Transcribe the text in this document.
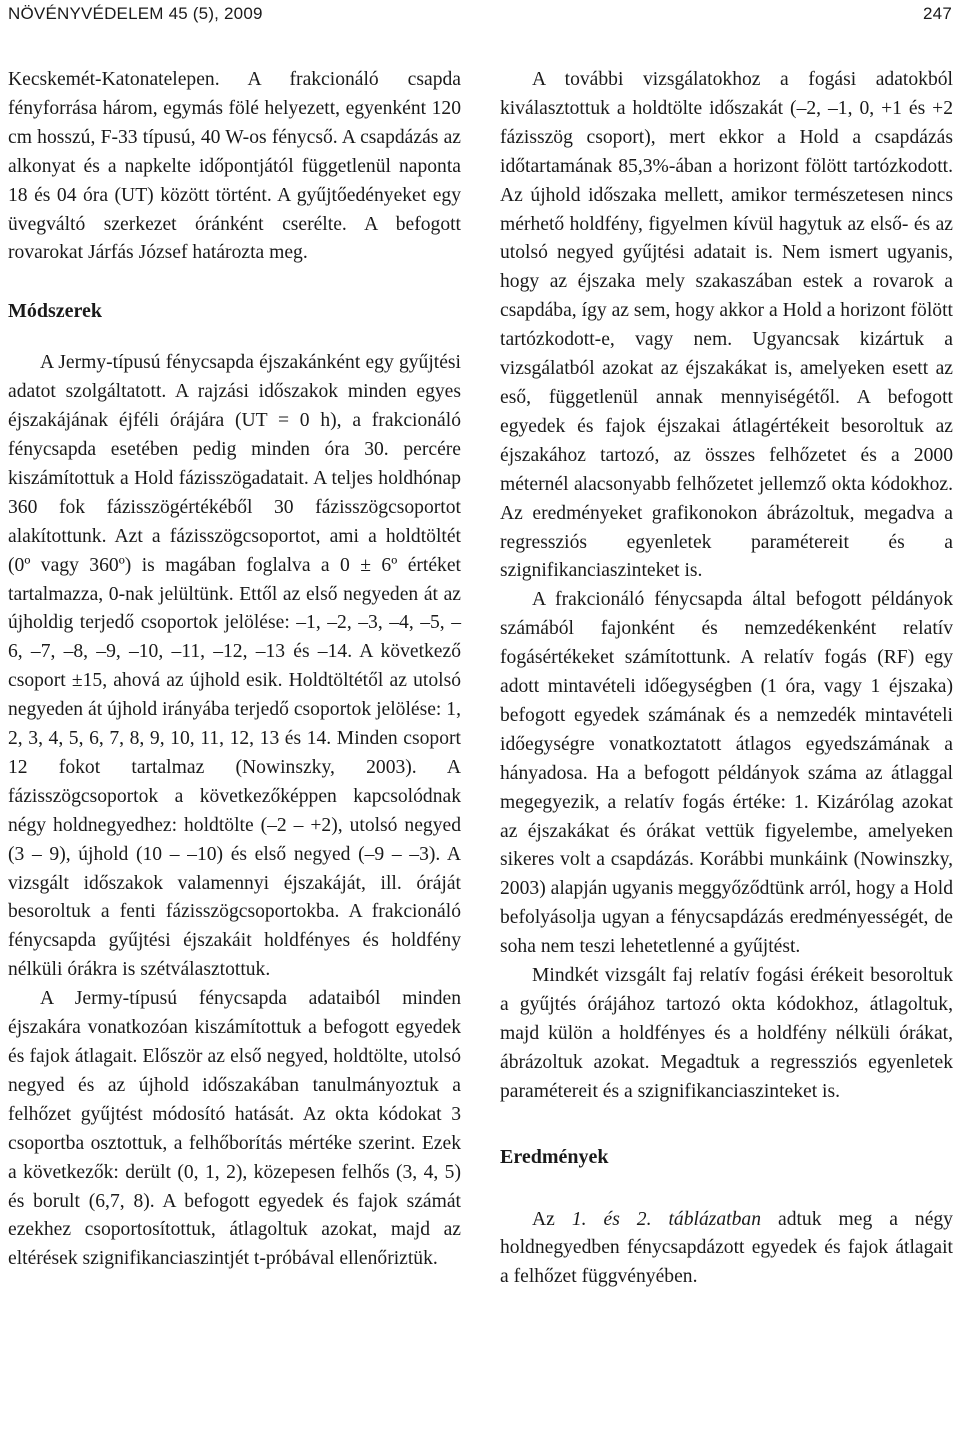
NÖVÉNYVÉDELEM 45 (5), 2009	247

Kecskemét-Katonatelepen. A frakcionáló csapda fényforrása három, egymás fölé helyezett, egyenként 120 cm hosszú, F-33 típusú, 40 W-os fénycső. A csapdázás az alkonyat és a napkelte időpontjától függetlenül naponta 18 és 04 óra (UT) között történt. A gyűjtőedényeket egy üvegváltó szerkezet óránként cserélte. A befogott rovarokat Járfás József határozta meg.

Módszerek

A Jermy-típusú fénycsapda éjszakánként egy gyűjtési adatot szolgáltatott. A rajzási időszakok minden egyes éjszakájának éjféli órájára (UT = 0 h), a frakcionáló fénycsapda esetében pedig minden óra 30. percére kiszámítottuk a Hold fázisszögadatait. A teljes holdhónap 360 fok fázisszögértékéből 30 fázisszögcsoportot alakítottunk. Azt a fázisszögcsoportot, ami a holdtöltét (0º vagy 360º) is magában foglalva a 0 ± 6º értéket tartalmazza, 0-nak jelültünk. Ettől az első negyeden át az újholdig terjedő csoportok jelölése: –1, –2, –3, –4, –5, –6, –7, –8, –9, –10, –11, –12, –13 és –14. A következő csoport ±15, ahová az újhold esik. Holdtöltétől az utolsó negyeden át újhold irányába terjedő csoportok jelölése: 1, 2, 3, 4, 5, 6, 7, 8, 9, 10, 11, 12, 13 és 14. Minden csoport 12 fokot tartalmaz (Nowinszky, 2003). A fázisszögcsoportok a következőképpen kapcsolódnak négy holdnegyedhez: holdtölte (–2 – +2), utolsó negyed (3 – 9), újhold (10 – –10) és első negyed (–9 – –3). A vizsgált időszakok valamennyi éjszakáját, ill. óráját besoroltuk a fenti fázisszögcsoportokba. A frakcionáló fénycsapda gyűjtési éjszakáit holdfényes és holdfény nélküli órákra is szétválasztottuk.

A Jermy-típusú fénycsapda adataiból minden éjszakára vonatkozóan kiszámítottuk a befogott egyedek és fajok átlagait. Először az első negyed, holdtölte, utolsó negyed és az újhold időszakában tanulmányoztuk a felhőzet gyűjtést módosító hatását. Az okta kódokat 3 csoportba osztottuk, a felhőborítás mértéke szerint. Ezek a következők: derült (0, 1, 2), közepesen felhős (3, 4, 5) és borult (6,7, 8). A befogott egyedek és fajok számát ezekhez csoportosítottuk, átlagoltuk azokat, majd az eltérések szignifikanciaszintjét t-próbával ellenőriztük.

A további vizsgálatokhoz a fogási adatokból kiválasztottuk a holdtölte időszakát (–2, –1, 0, +1 és +2 fázisszög csoport), mert ekkor a Hold a csapdázás időtartamának 85,3%-ában a horizont fölött tartózkodott. Az újhold időszaka mellett, amikor természetesen nincs mérhető holdfény, figyelmen kívül hagytuk az első- és az utolsó negyed gyűjtési adatait is. Nem ismert ugyanis, hogy az éjszaka mely szakaszában estek a rovarok a csapdába, így az sem, hogy akkor a Hold a horizont fölött tartózkodott-e, vagy nem. Ugyancsak kizártuk a vizsgálatból azokat az éjszakákat is, amelyeken esett az eső, függetlenül annak mennyiségétől. A befogott egyedek és fajok éjszakai átlagértékeit besoroltuk az éjszakához tartozó, az összes felhőzetet és a 2000 méternél alacsonyabb felhőzetet jellemző okta kódokhoz. Az eredményeket grafikonokon ábrázoltuk, megadva a regressziós egyenletek paramétereit és a szignifikanciaszinteket is.

A frakcionáló fénycsapda által befogott példányok számából fajonként és nemzedékenként relatív fogásértékeket számítottunk. A relatív fogás (RF) egy adott mintavételi időegységben (1 óra, vagy 1 éjszaka) befogott egyedek számának és a nemzedék mintavételi időegységre vonatkoztatott átlagos egyedszámának a hányadosa. Ha a befogott példányok száma az átlaggal megegyezik, a relatív fogás értéke: 1. Kizárólag azokat az éjszakákat és órákat vettük figyelembe, amelyeken sikeres volt a csapdázás. Korábbi munkáink (Nowinszky, 2003) alapján ugyanis meggyőződtünk arról, hogy a Hold befolyásolja ugyan a fénycsapdázás eredményességét, de soha nem teszi lehetetlenné a gyűjtést.

Mindkét vizsgált faj relatív fogási érékeit besoroltuk a gyűjtés órájához tartozó okta kódokhoz, átlagoltuk, majd külön a holdfényes és a holdfény nélküli órákat, ábrázoltuk azokat. Megadtuk a regressziós egyenletek paramétereit és a szignifikanciaszinteket is.

Eredmények

Az 1. és 2. táblázatban adtuk meg a négy holdnegyedben fénycsapdázott egyedek és fajok átlagait a felhőzet függvényében.
